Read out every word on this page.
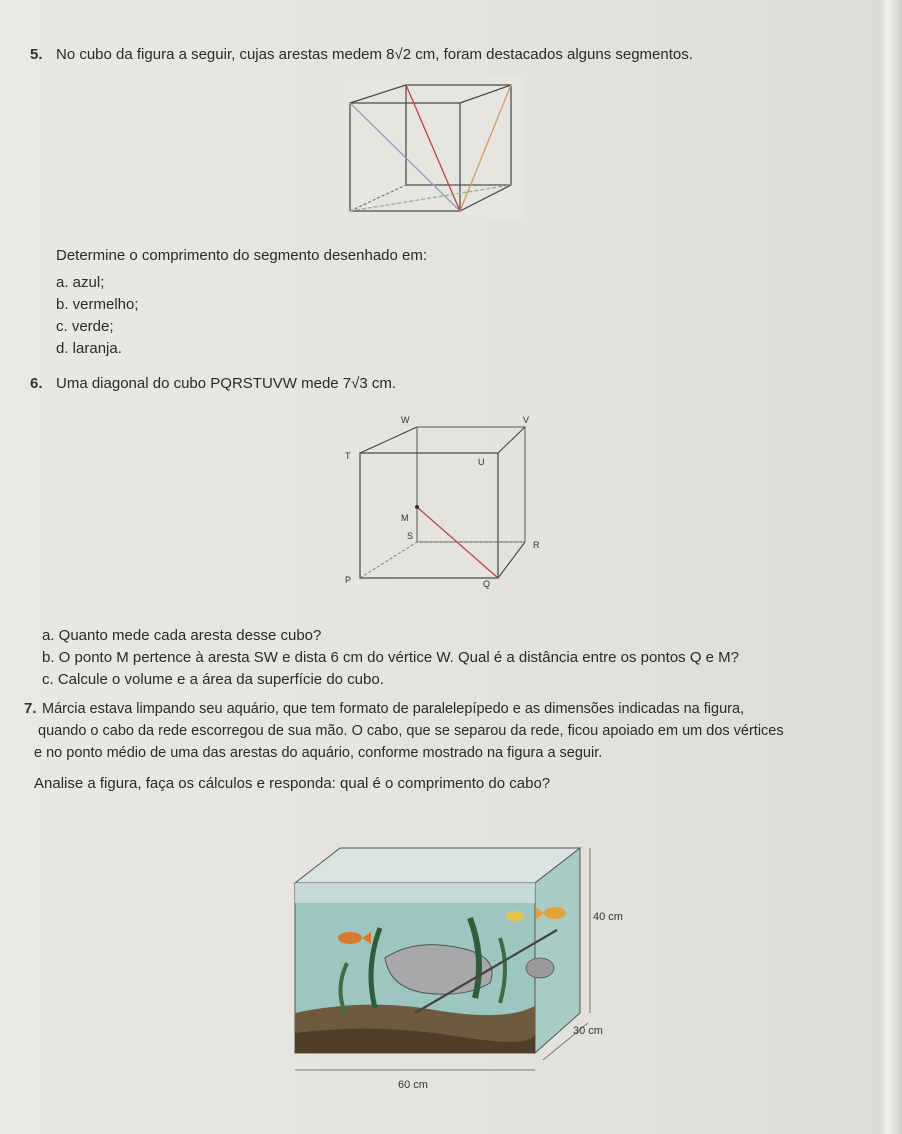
5. No cubo da figura a seguir, cujas arestas medem 8√2 cm, foram destacados alguns segmentos.
Determine o comprimento do segmento desenhado em:
a. azul;
b. vermelho;
c. verde;
d. laranja.
6. Uma diagonal do cubo PQRSTUVW mede 7√3 cm.
W	V
T
U
M
S
R
P	Q
a. Quanto mede cada aresta desse cubo?
b. O ponto M pertence à aresta SW e dista 6 cm do vértice W. Qual é a distância entre os pontos Q e M?
c. Calcule o volume e a área da superfície do cubo.
7. Márcia estava limpando seu aquário, que tem formato de paralelepípedo e as dimensões indicadas na figura,
quando o cabo da rede escorregou de sua mão. O cabo, que se separou da rede, ficou apoiado em um dos vértices
e no ponto médio de uma das arestas do aquário, conforme mostrado na figura a seguir.
Analise a figura, faça os cálculos e responda: qual é o comprimento do cabo?
40 cm
30 cm
60 cm
